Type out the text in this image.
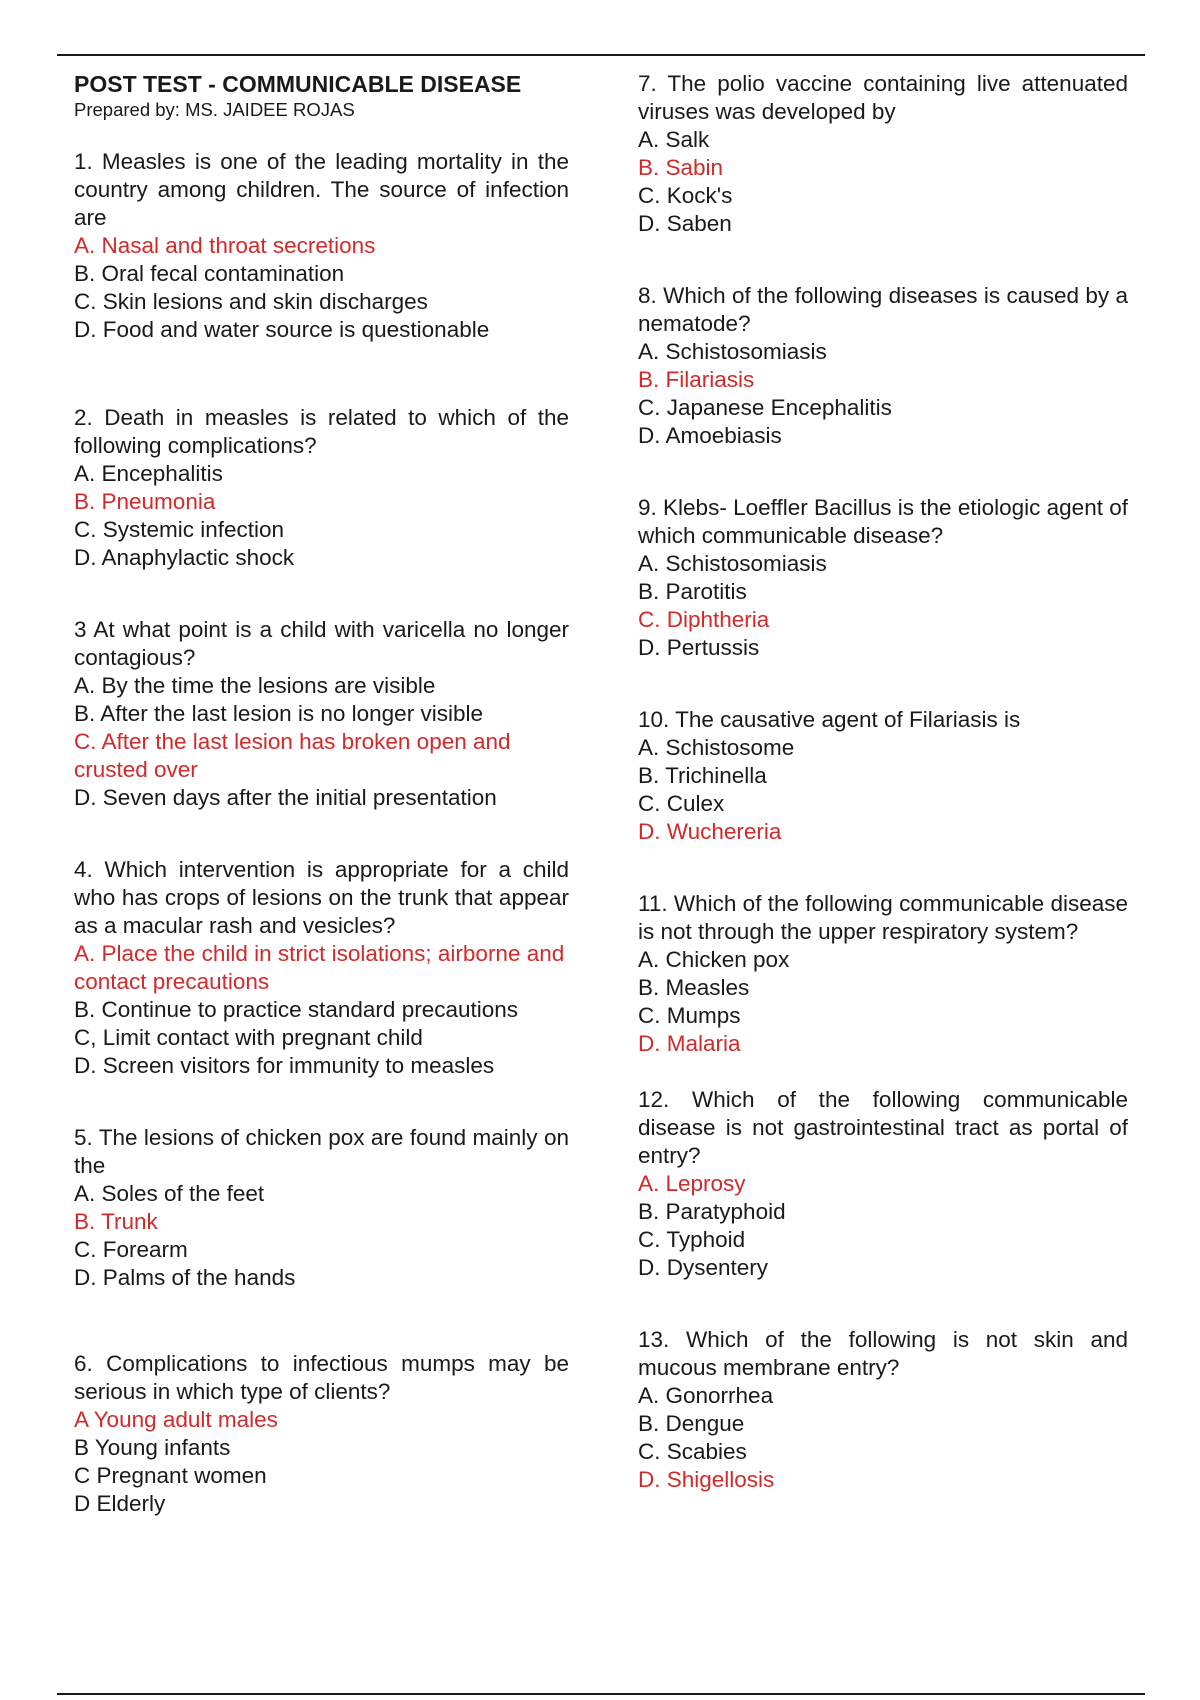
POST TEST - COMMUNICABLE DISEASE

Prepared by: MS. JAIDEE ROJAS

1. Measles is one of the leading mortality in the country among children. The source of infection are

A. Nasal and throat secretions

B. Oral fecal contamination

C. Skin lesions and skin discharges

D. Food and water source is questionable

2. Death in measles is related to which of the following complications?

A. Encephalitis

B. Pneumonia

C. Systemic infection

D. Anaphylactic shock

3 At what point is a child with varicella no longer contagious?

A. By the time the lesions are visible

B. After the last lesion is no longer visible

C. After the last lesion has broken open and crusted over

D. Seven days after the initial presentation

4. Which intervention is appropriate for a child who has crops of lesions on the trunk that appear as a macular rash and vesicles?

A. Place the child in strict isolations; airborne and contact precautions

B. Continue to practice standard precautions

C, Limit contact with pregnant child

D. Screen visitors for immunity to measles

5. The lesions of chicken pox are found mainly on the

A. Soles of the feet

B. Trunk

C. Forearm

D. Palms of the hands

6. Complications to infectious mumps may be serious in which type of clients?

A Young adult males

B Young infants

C Pregnant women

D Elderly

7. The polio vaccine containing live attenuated viruses was developed by

A. Salk

B. Sabin

C. Kock's

D. Saben

8. Which of the following diseases is caused by a nematode?

A. Schistosomiasis

B. Filariasis

C. Japanese Encephalitis

D. Amoebiasis

9. Klebs- Loeffler Bacillus is the etiologic agent of which communicable disease?

A. Schistosomiasis

B. Parotitis

C. Diphtheria

D. Pertussis

10. The causative agent of Filariasis is

A. Schistosome

B. Trichinella

C. Culex

D. Wuchereria

11. Which of the following communicable disease is not through the upper respiratory system?

A. Chicken pox

B. Measles

C. Mumps

D. Malaria

12. Which of the following communicable disease is not gastrointestinal tract as portal of entry?

A. Leprosy

B. Paratyphoid

C. Typhoid

D. Dysentery

13. Which of the following is not skin and mucous membrane entry?

A. Gonorrhea

B. Dengue

C. Scabies

D. Shigellosis
